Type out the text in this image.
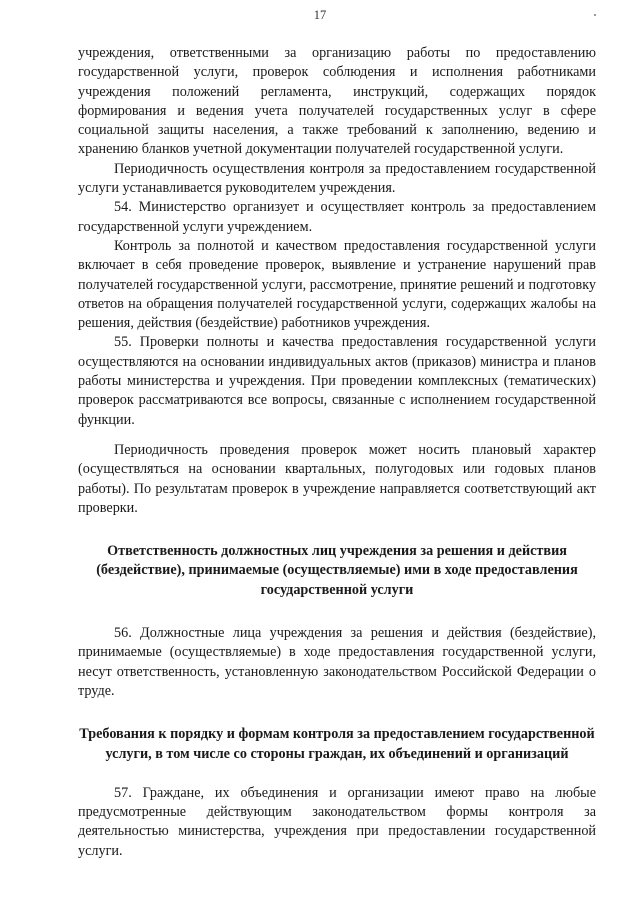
17

учреждения, ответственными за организацию работы по предоставлению государственной услуги, проверок соблюдения и исполнения работниками учреждения положений регламента, инструкций, содержащих порядок формирования и ведения учета получателей государственных услуг в сфере социальной защиты населения, а также требований к заполнению, ведению и хранению бланков учетной документации получателей государственной услуги.

Периодичность осуществления контроля за предоставлением государственной услуги устанавливается руководителем учреждения.

54. Министерство организует и осуществляет контроль за предоставлением государственной услуги учреждением.

Контроль за полнотой и качеством предоставления государственной услуги включает в себя проведение проверок, выявление и устранение нарушений прав получателей государственной услуги, рассмотрение, принятие решений и подготовку ответов на обращения получателей государственной услуги, содержащих жалобы на решения, действия (бездействие) работников учреждения.

55. Проверки полноты и качества предоставления государственной услуги осуществляются на основании индивидуальных актов (приказов) министра и планов работы министерства и учреждения. При проведении комплексных (тематических) проверок рассматриваются все вопросы, связанные с исполнением государственной функции.

Периодичность проведения проверок может носить плановый характер (осуществляться на основании квартальных, полугодовых или годовых планов работы). По результатам проверок в учреждение направляется соответствующий акт проверки.

Ответственность должностных лиц учреждения за решения и действия (бездействие), принимаемые (осуществляемые) ими в ходе предоставления государственной услуги

56. Должностные лица учреждения за решения и действия (бездействие), принимаемые (осуществляемые) в ходе предоставления государственной услуги, несут ответственность, установленную законодательством Российской Федерации о труде.

Требования к порядку и формам контроля за предоставлением государственной услуги, в том числе со стороны граждан, их объединений и организаций

57. Граждане, их объединения и организации имеют право на любые предусмотренные действующим законодательством формы контроля за деятельностью министерства, учреждения при предоставлении государственной услуги.
